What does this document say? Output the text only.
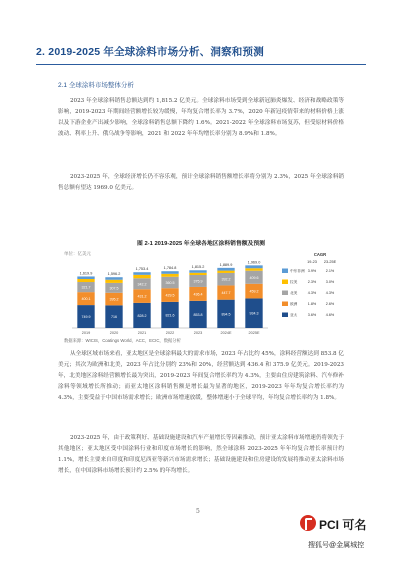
2. 2019-2025 年全球涂料市场分析、洞察和预测
2.1 全球涂料市场整体分析
2023 年全球涂料销售总额达到约 1,815.2 亿美元。全球涂料市场受到全球新冠肺炎爆发、经济和战略政策等影响，2019-2023 年期间经营额增长较为缓慢，年均复合增长率为 3.7%，2020 年新冠疫情带来的材料价格上涨以及下游企业产出减少影响，全球涂料销售总额下降约 1.6%。2021-2022 年全球涂料市场复苏，但受原材料价格波动、利率上升、俄乌战争等影响，2021 和 2022 年年均增长率分别为 8.9%和 1.8%。
2023-2025 年，全球经济增长仍不容乐观，预计全球涂料销售额增长率将分别为 2.3%，2025 年全球涂料销售总额有望达 1969.0 亿美元。
749.9
400.1
321.7
1,619.9
2019
716
395.2
307.5
1,596.2
2020
828.2
431.2
342.2
1,753.4
2021
821.6
429.5
360.5
1,784.8
2022
853.8
436.4
375.9
1,815.2
2023
894.5
447.7
392.2
1,889.9
2024E
934.3
459.2
409.6
1,969.0
2025E
CAGR
19-23 23-25E
中东非洲 3.9%	2.1%
拉美	2.3%	3.0%
北美	4.3%	4.3%
欧洲	1.8%	2.6%
亚太	3.6%	4.6%
图 2-1 2019-2025 年全球各地区涂料销售额及预测
单位：亿美元
数据来源：WICIS，Coatings World，ACC，ECIC，数据分析
从全球区域市场来看，亚太地区是全球涂料最大的需求市场，2023 年占比约 45%，涂料经营额达到 853.8 亿美元；其次为欧洲和北美，2023 年占比分别约 23%和 20%，经营额达到 436.4 和 375.9 亿美元。2019-2023 年，北美地区涂料经营额增长最为突出，2019-2023 年间复合增长率约为 4.3%，主要由住房建筑涂料、汽车修补涂料等领域增长所推动；而亚太地区涂料销售额是增长最为显著的地区，2019-2023 年年均复合增长率约为 4.3%，主要受益于中国市场需求增长；欧洲市场增速放缓，整体增速小于全球平均，年均复合增长率约为 1.8%。
2023-2025 年，由于政策利好、基础设施建设和汽车产量增长等因素推动，预计亚太涂料市场增速仍将领先于其他地区；亚太地区受中国涂料行业和印度市场增长的影响，然全球涂料 2023-2025 年年均复合增长率预计约 1.1%，增长主要来自印度和印度尼西亚等新兴市场需求增长；基础设施建设和住房建设的发展将推动亚太涂料市场增长，在中国涂料市场增长预计约 2.5% 的年均增长。
5
PCI 可名
搜狐号@金属城控
